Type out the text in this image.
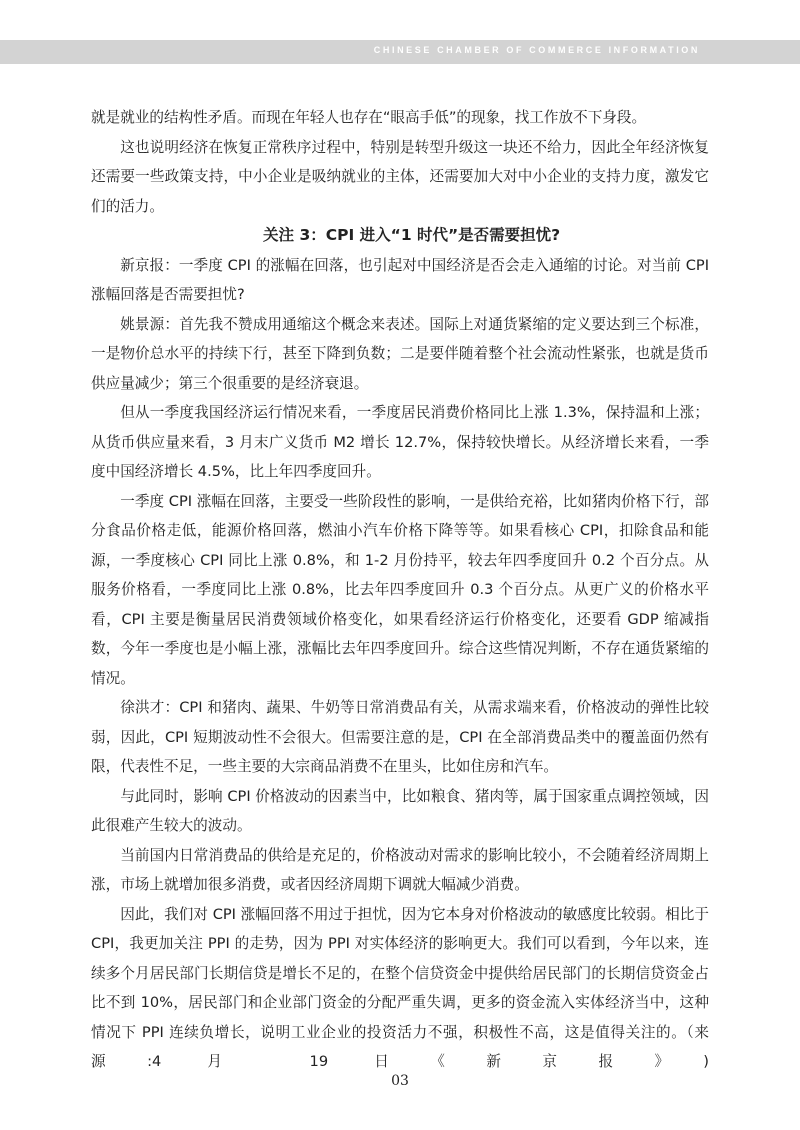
CHINESE CHAMBER OF COMMERCE INFORMATION

就是就业的结构性矛盾。而现在年轻人也存在“眼高手低”的现象，找工作放不下身段。

这也说明经济在恢复正常秩序过程中，特别是转型升级这一块还不给力，因此全年经济恢复还需要一些政策支持，中小企业是吸纳就业的主体，还需要加大对中小企业的支持力度，激发它们的活力。

关注 3：CPI 进入“1 时代”是否需要担忧?

新京报：一季度 CPI 的涨幅在回落，也引起对中国经济是否会走入通缩的讨论。对当前 CPI 涨幅回落是否需要担忧?

姚景源：首先我不赞成用通缩这个概念来表述。国际上对通货紧缩的定义要达到三个标准，一是物价总水平的持续下行，甚至下降到负数；二是要伴随着整个社会流动性紧张，也就是货币供应量减少；第三个很重要的是经济衰退。

但从一季度我国经济运行情况来看，一季度居民消费价格同比上涨 1.3%，保持温和上涨；从货币供应量来看，3 月末广义货币 M2 增长 12.7%，保持较快增长。从经济增长来看，一季度中国经济增长 4.5%，比上年四季度回升。

一季度 CPI 涨幅在回落，主要受一些阶段性的影响，一是供给充裕，比如猪肉价格下行，部分食品价格走低，能源价格回落，燃油小汽车价格下降等等。如果看核心 CPI，扣除食品和能源，一季度核心 CPI 同比上涨 0.8%，和 1-2 月份持平，较去年四季度回升 0.2 个百分点。从服务价格看，一季度同比上涨 0.8%，比去年四季度回升 0.3 个百分点。从更广义的价格水平看，CPI 主要是衡量居民消费领域价格变化，如果看经济运行价格变化，还要看 GDP 缩减指数，今年一季度也是小幅上涨，涨幅比去年四季度回升。综合这些情况判断，不存在通货紧缩的情况。

徐洪才：CPI 和猪肉、蔬果、牛奶等日常消费品有关，从需求端来看，价格波动的弹性比较弱，因此，CPI 短期波动性不会很大。但需要注意的是，CPI 在全部消费品类中的覆盖面仍然有限，代表性不足，一些主要的大宗商品消费不在里头，比如住房和汽车。

与此同时，影响 CPI 价格波动的因素当中，比如粮食、猪肉等，属于国家重点调控领域，因此很难产生较大的波动。

当前国内日常消费品的供给是充足的，价格波动对需求的影响比较小，不会随着经济周期上涨，市场上就增加很多消费，或者因经济周期下调就大幅减少消费。

因此，我们对 CPI 涨幅回落不用过于担忧，因为它本身对价格波动的敏感度比较弱。相比于 CPI，我更加关注 PPI 的走势，因为 PPI 对实体经济的影响更大。我们可以看到，今年以来，连续多个月居民部门长期信贷是增长不足的，在整个信贷资金中提供给居民部门的长期信贷资金占比不到 10%，居民部门和企业部门资金的分配严重失调，更多的资金流入实体经济当中，这种情况下 PPI 连续负增长，说明工业企业的投资活力不强，积极性不高，这是值得关注的。（来源:4 月 19 日《新京报》)

03
